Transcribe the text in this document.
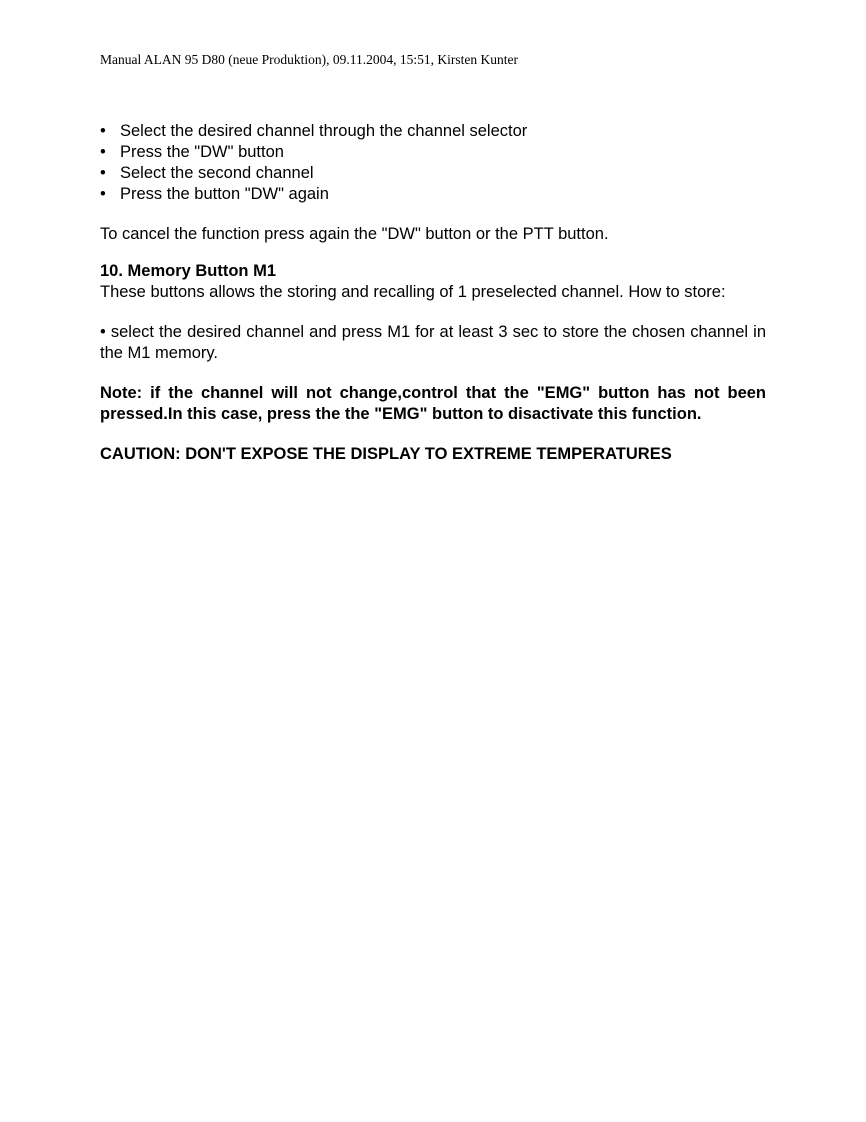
Manual ALAN 95 D80 (neue Produktion), 09.11.2004, 15:51, Kirsten Kunter
• Select the desired channel through the channel selector
• Press the "DW" button
• Select the second channel
• Press the button "DW" again

To cancel the function press again the "DW" button or the PTT button.

10. Memory Button M1

These buttons allows the storing and recalling of 1 preselected channel. How to store:

• select the desired channel and press M1 for at least 3 sec to store the chosen channel in the M1 memory.

Note: if the channel will not change,control that the "EMG" button has not been pressed.In this case, press the the "EMG" button to disactivate this function.

CAUTION: DON'T EXPOSE THE DISPLAY TO EXTREME TEMPERATURES
